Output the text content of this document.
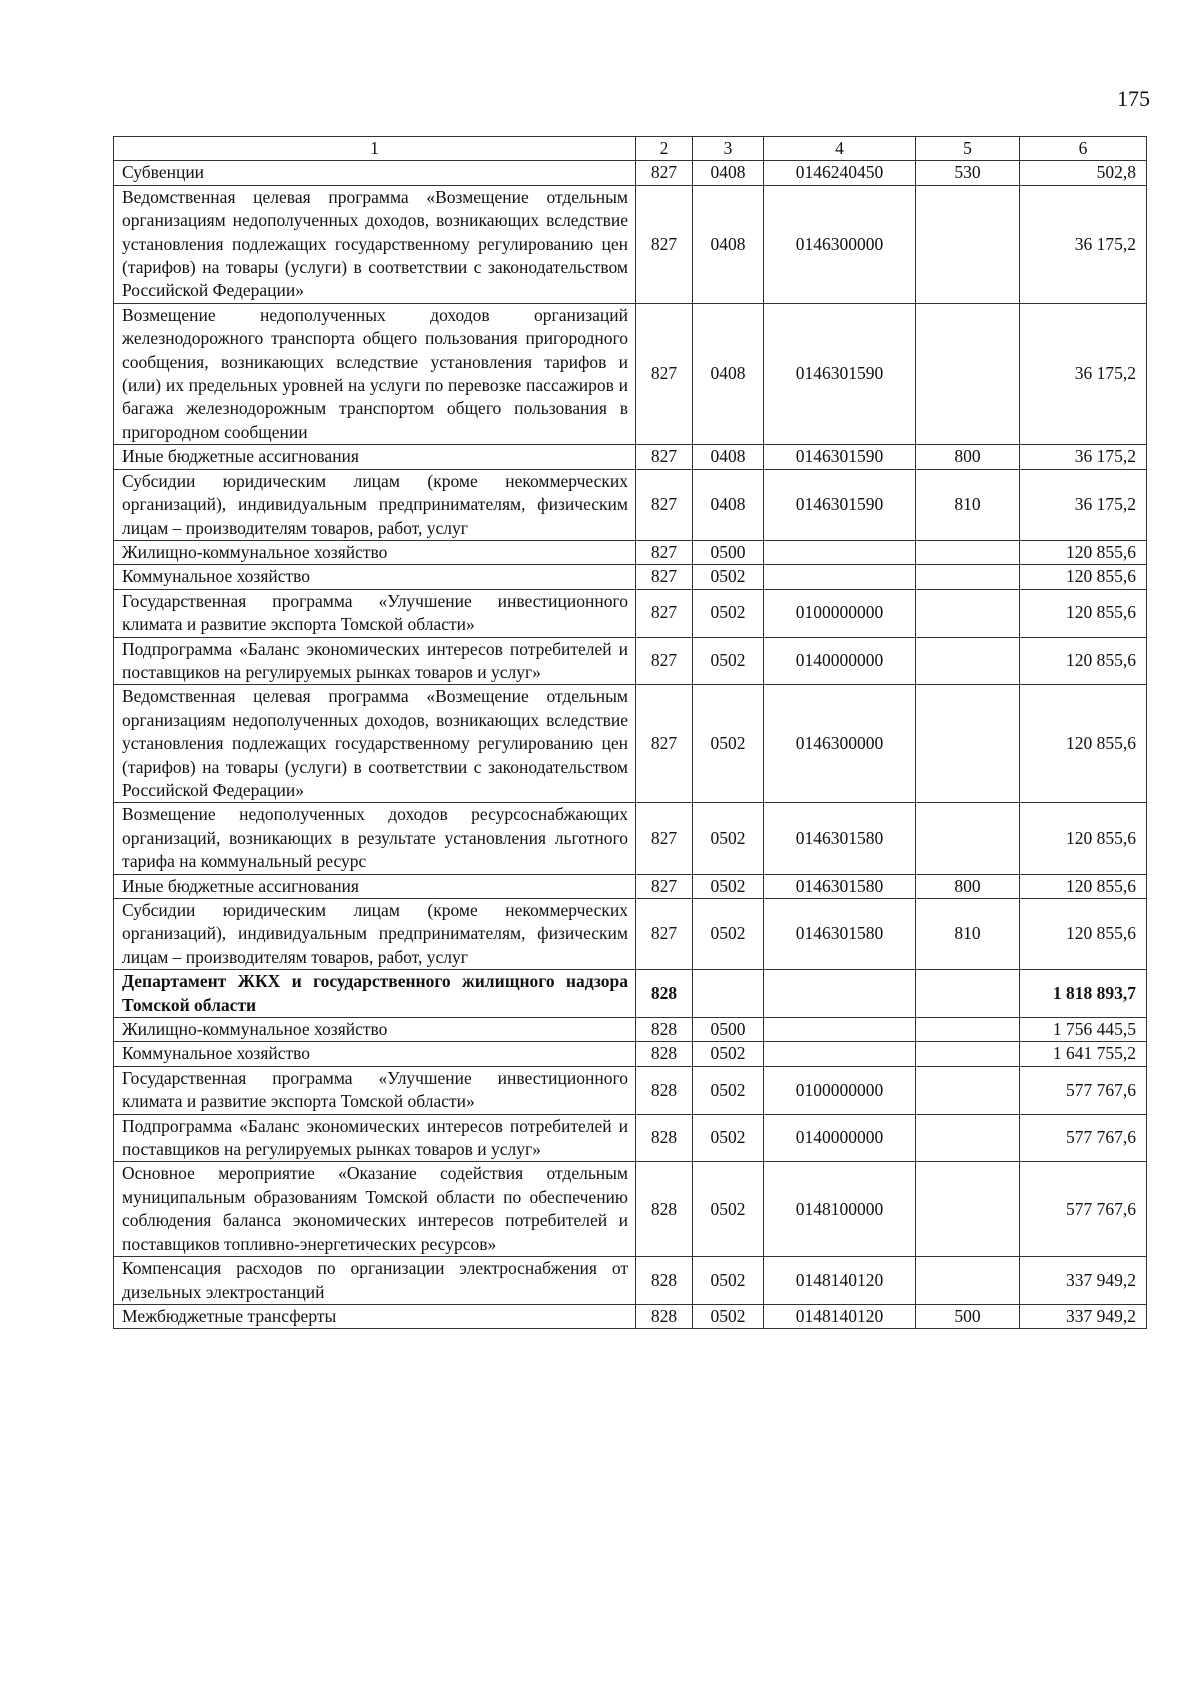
175
1	2	3	4	5	6
Субвенции	827	0408	0146240450	530	502,8
Ведомственная целевая программа «Возмещение отдельным организациям недополученных доходов, возникающих вследствие установления подлежащих государственному регулированию цен (тарифов) на товары (услуги) в соответствии с законодательством Российской Федерации»	827	0408	0146300000		36 175,2
Возмещение недополученных доходов организаций железнодорожного транспорта общего пользования пригородного сообщения, возникающих вследствие установления тарифов и (или) их предельных уровней на услуги по перевозке пассажиров и багажа железнодорожным транспортом общего пользования в пригородном сообщении	827	0408	0146301590		36 175,2
Иные бюджетные ассигнования	827	0408	0146301590	800	36 175,2
Субсидии юридическим лицам (кроме некоммерческих организаций), индивидуальным предпринимателям, физическим лицам – производителям товаров, работ, услуг	827	0408	0146301590	810	36 175,2
Жилищно-коммунальное хозяйство	827	0500			120 855,6
Коммунальное хозяйство	827	0502			120 855,6
Государственная программа «Улучшение инвестиционного климата и развитие экспорта Томской области»	827	0502	0100000000		120 855,6
Подпрограмма «Баланс экономических интересов потребителей и поставщиков на регулируемых рынках товаров и услуг»	827	0502	0140000000		120 855,6
Ведомственная целевая программа «Возмещение отдельным организациям недополученных доходов, возникающих вследствие установления подлежащих государственному регулированию цен (тарифов) на товары (услуги) в соответствии с законодательством Российской Федерации»	827	0502	0146300000		120 855,6
Возмещение недополученных доходов ресурсоснабжающих организаций, возникающих в результате установления льготного тарифа на коммунальный ресурс	827	0502	0146301580		120 855,6
Иные бюджетные ассигнования	827	0502	0146301580	800	120 855,6
Субсидии юридическим лицам (кроме некоммерческих организаций), индивидуальным предпринимателям, физическим лицам – производителям товаров, работ, услуг	827	0502	0146301580	810	120 855,6
Департамент ЖКХ и государственного жилищного надзора Томской области	828				1 818 893,7
Жилищно-коммунальное хозяйство	828	0500			1 756 445,5
Коммунальное хозяйство	828	0502			1 641 755,2
Государственная программа «Улучшение инвестиционного климата и развитие экспорта Томской области»	828	0502	0100000000		577 767,6
Подпрограмма «Баланс экономических интересов потребителей и поставщиков на регулируемых рынках товаров и услуг»	828	0502	0140000000		577 767,6
Основное мероприятие «Оказание содействия отдельным муниципальным образованиям Томской области по обеспечению соблюдения баланса экономических интересов потребителей и поставщиков топливно-энергетических ресурсов»	828	0502	0148100000		577 767,6
Компенсация расходов по организации электроснабжения от дизельных электростанций	828	0502	0148140120		337 949,2
Межбюджетные трансферты	828	0502	0148140120	500	337 949,2
